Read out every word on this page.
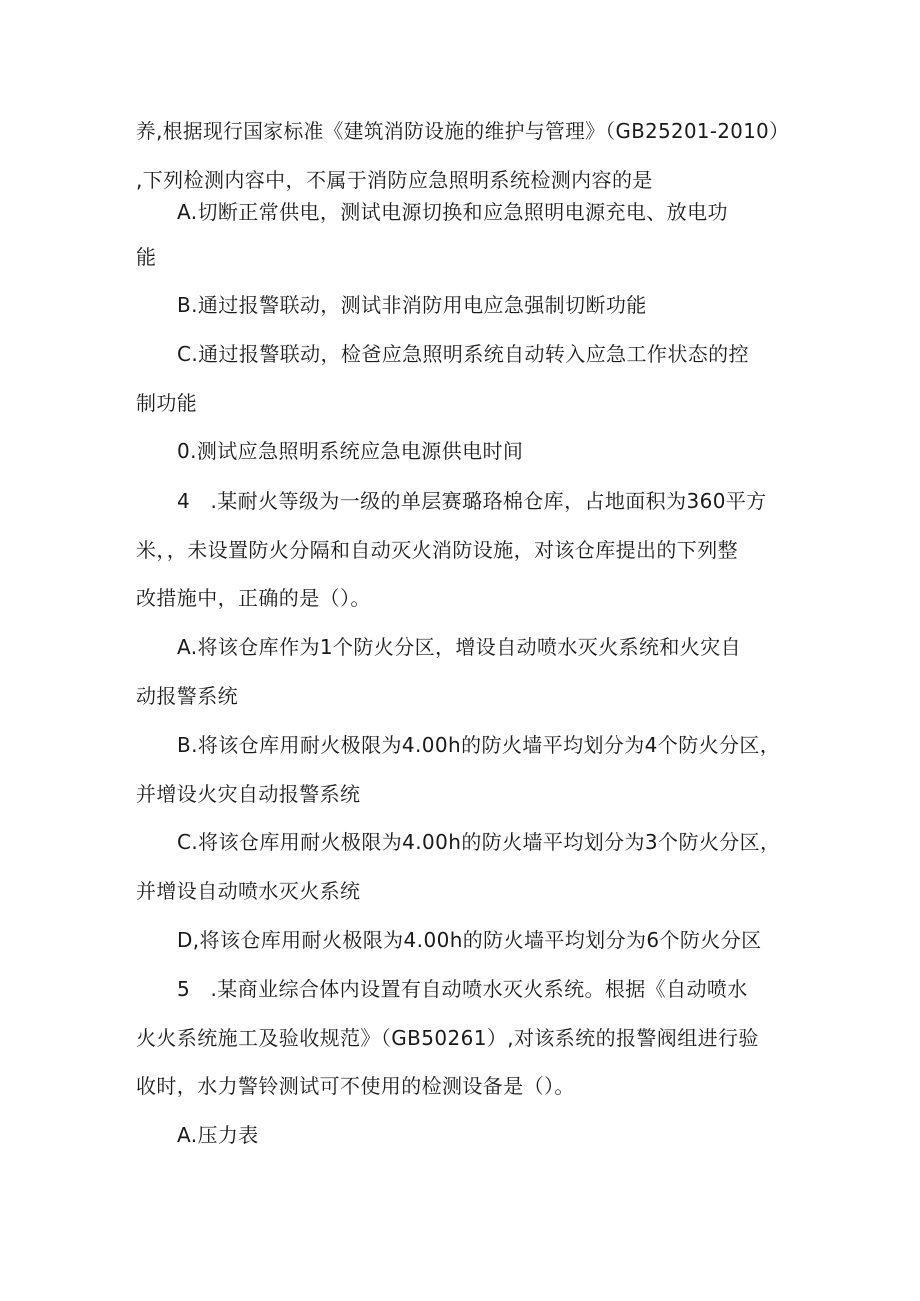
养,根据现行国家标准《建筑消防设施的维护与管理》（GB25201-2010）
,下列检测内容中，不属于消防应急照明系统检测内容的是
A.切断正常供电，测试电源切换和应急照明电源充电、放电功
能
B.通过报警联动，测试非消防用电应急强制切断功能
C.通过报警联动，检爸应急照明系统自动转入应急工作状态的控
制功能
0.测试应急照明系统应急电源供电时间
4　.某耐火等级为一级的单层赛璐珞棉仓库，占地面积为360平方
米，，未设置防火分隔和自动灭火消防设施，对该仓库提出的下列整
改措施中，正确的是（）。
A.将该仓库作为1个防火分区，增设自动喷水灭火系统和火灾自
动报警系统
B.将该仓库用耐火极限为4.00h的防火墙平均划分为4个防火分区，
并增设火灾自动报警系统
C.将该仓库用耐火极限为4.00h的防火墙平均划分为3个防火分区，
并增设自动喷水灭火系统
D,将该仓库用耐火极限为4.00h的防火墙平均划分为6个防火分区
5　.某商业综合体内设置有自动喷水灭火系统。根据《自动喷水
火火系统施工及验收规范》（GB50261）,对该系统的报警阀组进行验
收时，水力警铃测试可不使用的检测设备是（）。
A.压力表
